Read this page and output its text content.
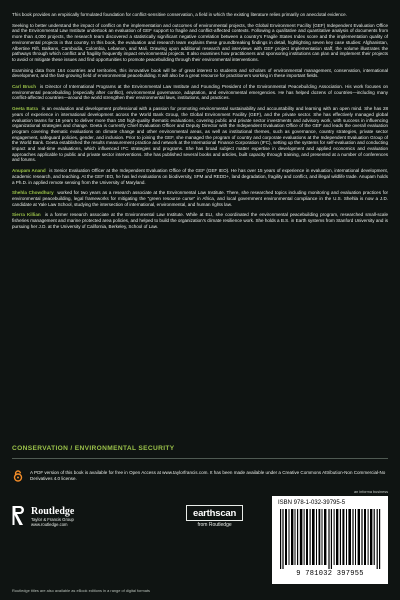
This book provides an empirically formulated foundation for conflict-sensitive conservation, a field in which the existing literature relies primarily on anecdotal evidence.

Seeking to better understand the impact of conflict on the implementation and outcomes of environmental projects, the Global Environment Facility (GEF) Independent Evaluation Office and the Environmental Law Institute undertook an evaluation of GEF support to fragile and conflict-affected contexts. Following a qualitative and quantitative analysis of documents from more than 4,000 projects, the research team discovered a statistically significant negative correlation between a country's Fragile States Index score and the implementation quality of environmental projects in that country. In this book, the evaluation and research team explains these groundbreaking findings in detail, highlighting seven key case studies: Afghanistan, Albertine Rift, Balkans, Cambodia, Colombia, Lebanon, and Mali. Drawing upon additional research and interviews with GEF project implementation staff, the volume illustrates the pathways through which conflict and fragility frequently impact environmental projects. It also examines how practitioners and sponsoring institutions can plan and implement their projects to avoid or mitigate these issues and find opportunities to promote peacebuilding through their environmental interventions.

Examining data from 164 countries and territories, this innovative book will be of great interest to students and scholars of environmental management, conservation, international development, and the fast-growing field of environmental peacebuilding. It will also be a great resource for practitioners working in these important fields.

Carl Bruch is Director of International Programs at the Environmental Law Institute and Founding President of the Environmental Peacebuilding Association. His work focuses on environmental peacebuilding (especially after conflict), environmental governance, adaptation, and environmental emergencies. He has helped dozens of countries—including many conflict-affected countries—around the world strengthen their environmental laws, institutions, and practices.

Geeta Batra is an evaluation and development professional with a passion for promoting environmental sustainability and accountability and learning with an open mind. She has 28 years of experience in international development across the World Bank Group, the Global Environment Facility (GEF), and the private sector. She has effectively managed global evaluation teams for 18 years to deliver more than 150 high-quality thematic evaluations, covering public and private sector investments and advisory work, with success in influencing organizational strategies and change. Geeta is currently Chief Evaluation Officer and Deputy Director with the Independent Evaluation Office of the GEF and leads the overall evaluation program covering thematic evaluations on climate change and other environmental areas, as well as institutional themes, such as governance, country strategies, private sector engagement, safeguard policies, gender, and inclusion. Prior to joining the GEF, she managed the program of country and corporate evaluations at the Independent Evaluation Group of the World Bank. Geeta established the results measurement practice and network at the International Finance Corporation (IFC), setting up the systems for self-evaluation and conducting impact and real-time evaluations, which influenced IFC strategies and programs. She has broad subject matter expertise in development and applied economics and evaluation approaches applicable to public and private sector interventions. She has published several books and articles, built capacity through training, and presented at a number of conferences and forums.

Anupam Anand is Senior Evaluation Officer at the Independent Evaluation Office of the GEF (GEF IEO). He has over 15 years of experience in evaluation, international development, academic research, and teaching. At the GEF IEO, he has led evaluations on biodiversity, SFM and REDD+, land degradation, fragility and conflict, and illegal wildlife trade. Anupam holds a Ph.D. in applied remote sensing from the University of Maryland.

Shehla Chowdhury worked for two years as a research associate at the Environmental Law Institute. There, she researched topics including monitoring and evaluation practices for environmental peacebuilding, legal frameworks for mitigating the "green resource curse" in Africa, and local government environmental compliance in the U.S. Shehla is now a J.D. candidate at Yale Law School, studying the intersection of international, environmental, and human rights law.

Sierra Killian is a former research associate at the Environmental Law Institute. While at ELI, she coordinated the environmental peacebuilding program, researched small-scale fisheries management and marine protected area policies, and helped to build the organization's climate resilience work. She holds a B.S. in Earth systems from Stanford University and is pursuing her J.D. at the University of California, Berkeley, School of Law.

CONSERVATION / ENVIRONMENTAL SECURITY
A PDF version of this book is available for free in Open Access at www.taylorfrancis.com. It has been made available under a Creative Commons Attribution-Non Commercial-No Derivatives 4.0 license.
an informa business
Routledge
Taylor & Francis Group
www.routledge.com
earthscan
from Routledge
ISBN 978-1-032-39795-5
9 781032 397955
Routledge titles are also available as eBook editions in a range of digital formats
